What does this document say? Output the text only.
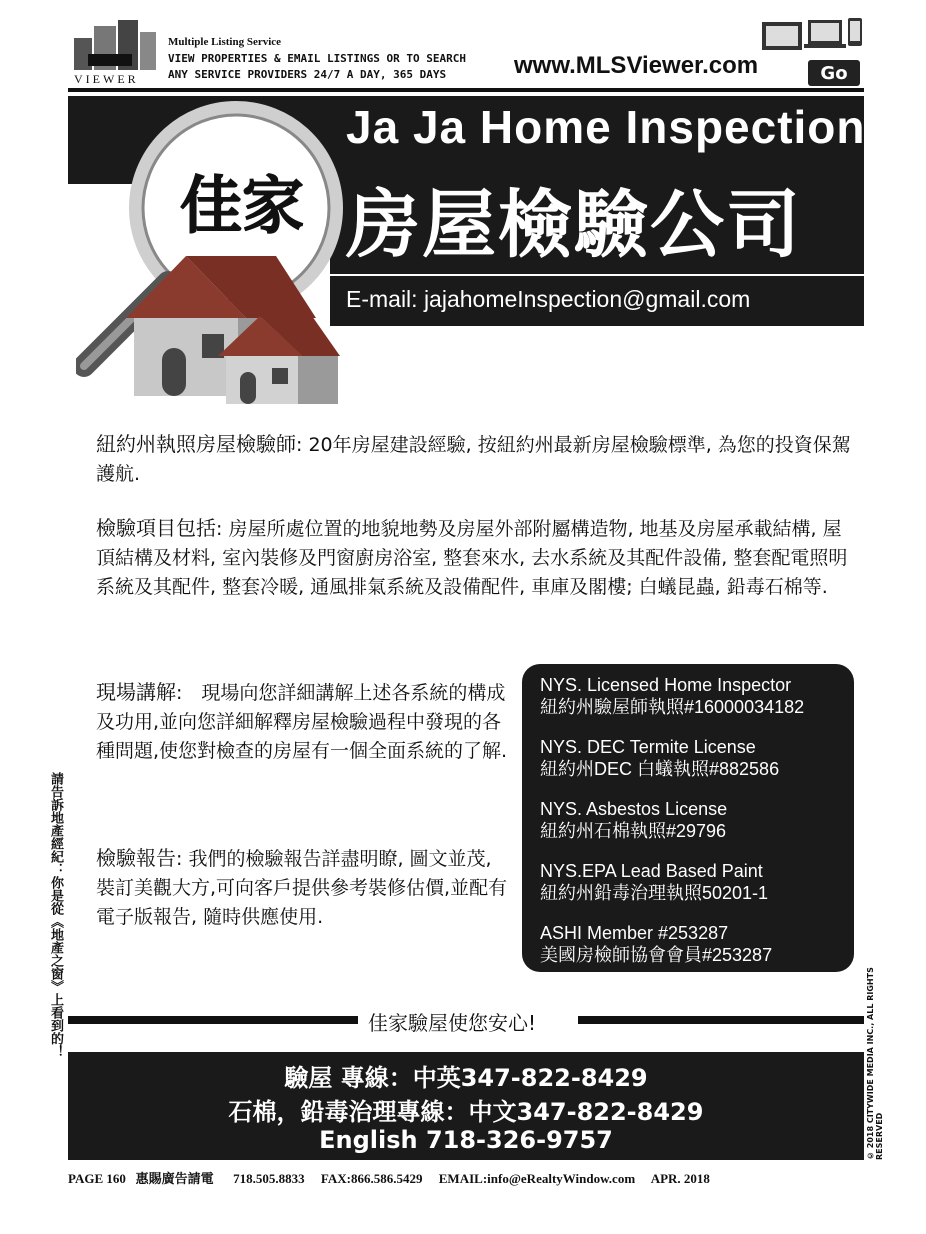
VIEWER
Multiple Listing Service
VIEW PROPERTIES & EMAIL LISTINGS OR TO SEARCH
ANY SERVICE PROVIDERS 24/7 A DAY, 365 DAYS	www.MLSViewer.com	Go
Ja Ja Home Inspection
佳家 房屋檢驗公司
E-mail: jajahomeInspection@gmail.com
紐約州執照房屋檢驗師: 20年房屋建設經驗, 按紐約州最新房屋檢驗標準, 為您的投資保駕護航.
檢驗項目包括: 房屋所處位置的地貌地勢及房屋外部附屬構造物, 地基及房屋承載結構, 屋頂結構及材料, 室內裝修及門窗廚房浴室, 整套來水, 去水系統及其配件設備, 整套配電照明系統及其配件, 整套冷暖, 通風排氣系統及設備配件, 車庫及閣樓; 白蟻昆蟲, 鉛毒石棉等.
現場講解:　現場向您詳細講解上述各系統的構成及功用,並向您詳細解釋房屋檢驗過程中發現的各種問題,使您對檢查的房屋有一個全面系統的了解.
檢驗報告: 我們的檢驗報告詳盡明瞭, 圖文並茂, 裝訂美觀大方,可向客戶提供參考裝修估價,並配有電子版報告, 隨時供應使用.
NYS. Licensed Home Inspector
紐約州驗屋師執照#16000034182
NYS. DEC Termite License
紐約州DEC 白蟻執照#882586
NYS. Asbestos License
紐約州石棉執照#29796
NYS.EPA Lead Based Paint
紐約州鉛毒治理執照50201-1
ASHI Member #253287
美國房檢師協會會員#253287
佳家驗屋使您安心!
驗屋 專線：中英347-822-8429
石棉，鉛毒治理專線：中文347-822-8429
English 718-326-9757
PAGE 160 惠賜廣告請電 718.505.8833 FAX:866.586.5429 EMAIL:info@eRealtyWindow.com APR. 2018
請告訴地產經紀：你是從《地產之窗》上看到的！
© 2018 CITYWIDE MEDIA INC., ALL RIGHTS RESERVED
